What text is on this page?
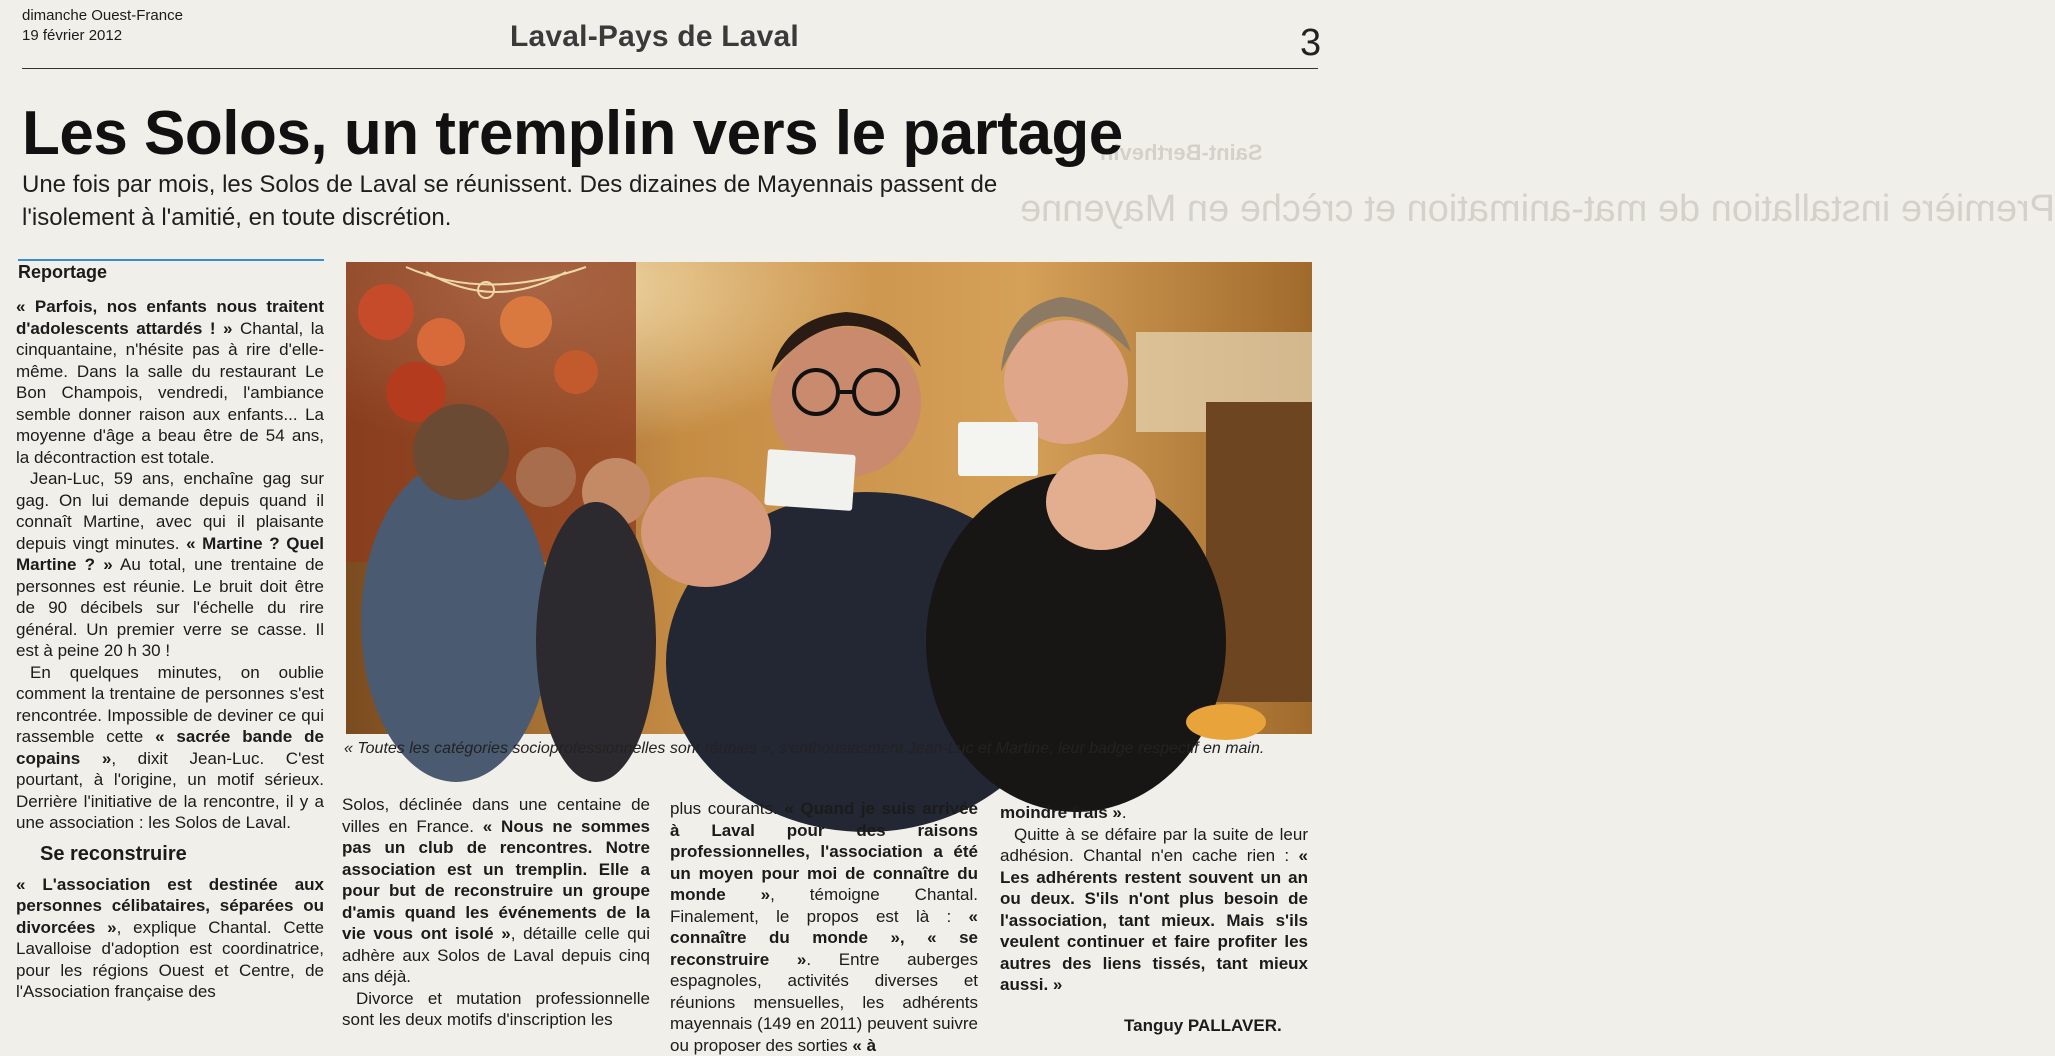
dimanche Ouest-France
19 février 2012	Laval-Pays de Laval	3
Saint-Berthevin
Première installation de mat-animation et crèche en Mayenne
Les Solos, un tremplin vers le partage
Une fois par mois, les Solos de Laval se réunissent. Des dizaines de Mayennais passent de l'isolement à l'amitié, en toute discrétion.
Reportage

« Parfois, nos enfants nous traitent d'adolescents attardés ! » Chantal, la cinquantaine, n'hésite pas à rire d'elle-même. Dans la salle du restaurant Le Bon Champois, vendredi, l'ambiance semble donner raison aux enfants... La moyenne d'âge a beau être de 54 ans, la décontraction est totale.

Jean-Luc, 59 ans, enchaîne gag sur gag. On lui demande depuis quand il connaît Martine, avec qui il plaisante depuis vingt minutes. « Martine ? Quel Martine ? » Au total, une trentaine de personnes est réunie. Le bruit doit être de 90 décibels sur l'échelle du rire général. Un premier verre se casse. Il est à peine 20 h 30 !

En quelques minutes, on oublie comment la trentaine de personnes s'est rencontrée. Impossible de deviner ce qui rassemble cette « sacrée bande de copains », dixit Jean-Luc. C'est pourtant, à l'origine, un motif sérieux. Derrière l'initiative de la rencontre, il y a une association : les Solos de Laval.

Se reconstruire

« L'association est destinée aux personnes célibataires, séparées ou divorcées », explique Chantal. Cette Lavalloise d'adoption est coordinatrice, pour les régions Ouest et Centre, de l'Association française des

« Toutes les catégories socioprofessionnelles sont réunies », s'enthousiasment Jean-Luc et Martine, leur badge respectif en main.

Solos, déclinée dans une centaine de villes en France. « Nous ne sommes pas un club de rencontres. Notre association est un tremplin. Elle a pour but de reconstruire un groupe d'amis quand les événements de la vie vous ont isolé », détaille celle qui adhère aux Solos de Laval depuis cinq ans déjà.

Divorce et mutation professionnelle sont les deux motifs d'inscription les

plus courants. « Quand je suis arrivée à Laval pour des raisons professionnelles, l'association a été un moyen pour moi de connaître du monde », témoigne Chantal. Finalement, le propos est là : « connaître du monde », « se reconstruire ». Entre auberges espagnoles, activités diverses et réunions mensuelles, les adhérents mayennais (149 en 2011) peuvent suivre ou proposer des sorties « à

moindre frais ».

Quitte à se défaire par la suite de leur adhésion. Chantal n'en cache rien : « Les adhérents restent souvent un an ou deux. S'ils n'ont plus besoin de l'association, tant mieux. Mais s'ils veulent continuer et faire profiter les autres des liens tissés, tant mieux aussi. »

Tanguy PALLAVER.
